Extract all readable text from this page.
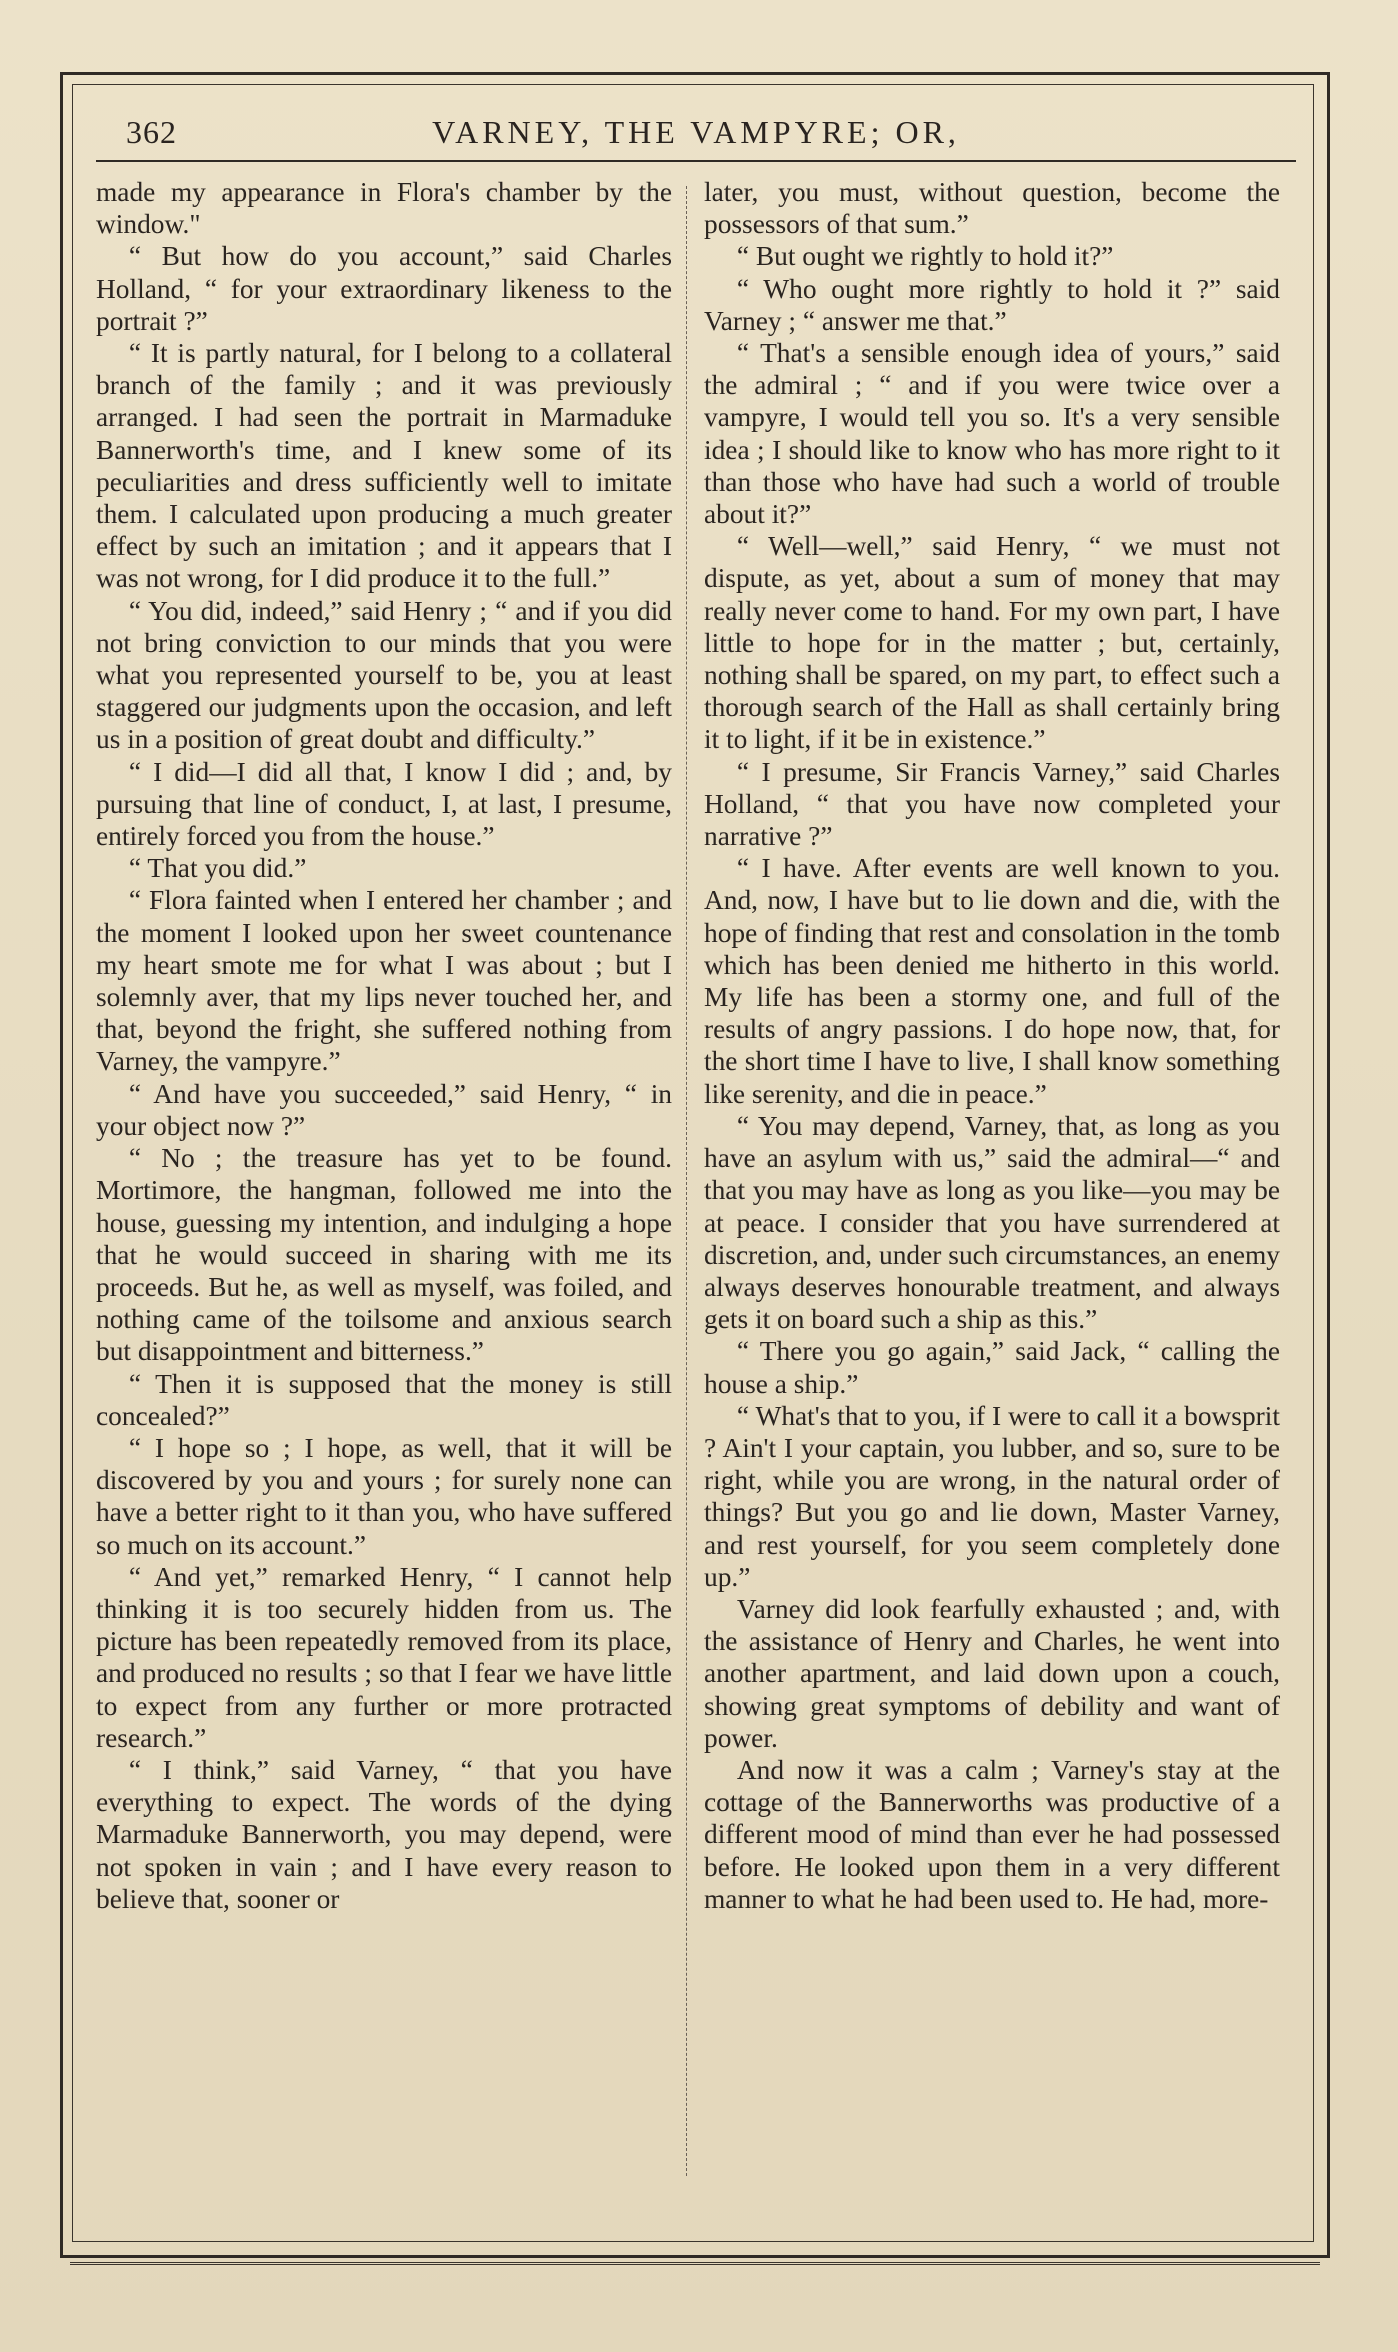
362	VARNEY, THE VAMPYRE; OR,

made my appearance in Flora's chamber by the window."

“ But how do you account,” said Charles Holland, “ for your extraordinary likeness to the portrait ?”

“ It is partly natural, for I belong to a collateral branch of the family ; and it was previously arranged. I had seen the portrait in Marmaduke Bannerworth's time, and I knew some of its peculiarities and dress sufficiently well to imitate them. I calculated upon producing a much greater effect by such an imitation ; and it appears that I was not wrong, for I did produce it to the full.”

“ You did, indeed,” said Henry ; “ and if you did not bring conviction to our minds that you were what you represented yourself to be, you at least staggered our judgments upon the occasion, and left us in a position of great doubt and difficulty.”

“ I did—I did all that, I know I did ; and, by pursuing that line of conduct, I, at last, I presume, entirely forced you from the house.”

“ That you did.”

“ Flora fainted when I entered her chamber ; and the moment I looked upon her sweet countenance my heart smote me for what I was about ; but I solemnly aver, that my lips never touched her, and that, beyond the fright, she suffered nothing from Varney, the vampyre.”

“ And have you succeeded,” said Henry, “ in your object now ?”

“ No ; the treasure has yet to be found. Mortimore, the hangman, followed me into the house, guessing my intention, and indulging a hope that he would succeed in sharing with me its proceeds. But he, as well as myself, was foiled, and nothing came of the toilsome and anxious search but disappointment and bitterness.”

“ Then it is supposed that the money is still concealed?”

“ I hope so ; I hope, as well, that it will be discovered by you and yours ; for surely none can have a better right to it than you, who have suffered so much on its account.”

“ And yet,” remarked Henry, “ I cannot help thinking it is too securely hidden from us. The picture has been repeatedly removed from its place, and produced no results ; so that I fear we have little to expect from any further or more protracted research.”

“ I think,” said Varney, “ that you have everything to expect. The words of the dying Marmaduke Bannerworth, you may depend, were not spoken in vain ; and I have every reason to believe that, sooner or

later, you must, without question, become the possessors of that sum.”

“ But ought we rightly to hold it?”

“ Who ought more rightly to hold it ?” said Varney ; “ answer me that.”

“ That's a sensible enough idea of yours,” said the admiral ; “ and if you were twice over a vampyre, I would tell you so. It's a very sensible idea ; I should like to know who has more right to it than those who have had such a world of trouble about it?”

“ Well—well,” said Henry, “ we must not dispute, as yet, about a sum of money that may really never come to hand. For my own part, I have little to hope for in the matter ; but, certainly, nothing shall be spared, on my part, to effect such a thorough search of the Hall as shall certainly bring it to light, if it be in existence.”

“ I presume, Sir Francis Varney,” said Charles Holland, “ that you have now completed your narrative ?”

“ I have. After events are well known to you. And, now, I have but to lie down and die, with the hope of finding that rest and consolation in the tomb which has been denied me hitherto in this world. My life has been a stormy one, and full of the results of angry passions. I do hope now, that, for the short time I have to live, I shall know something like serenity, and die in peace.”

“ You may depend, Varney, that, as long as you have an asylum with us,” said the admiral—“ and that you may have as long as you like—you may be at peace. I consider that you have surrendered at discretion, and, under such circumstances, an enemy always deserves honourable treatment, and always gets it on board such a ship as this.”

“ There you go again,” said Jack, “ calling the house a ship.”

“ What's that to you, if I were to call it a bowsprit ? Ain't I your captain, you lubber, and so, sure to be right, while you are wrong, in the natural order of things? But you go and lie down, Master Varney, and rest yourself, for you seem completely done up.”

Varney did look fearfully exhausted ; and, with the assistance of Henry and Charles, he went into another apartment, and laid down upon a couch, showing great symptoms of debility and want of power.

And now it was a calm ; Varney's stay at the cottage of the Bannerworths was productive of a different mood of mind than ever he had possessed before. He looked upon them in a very different manner to what he had been used to. He had, more-
